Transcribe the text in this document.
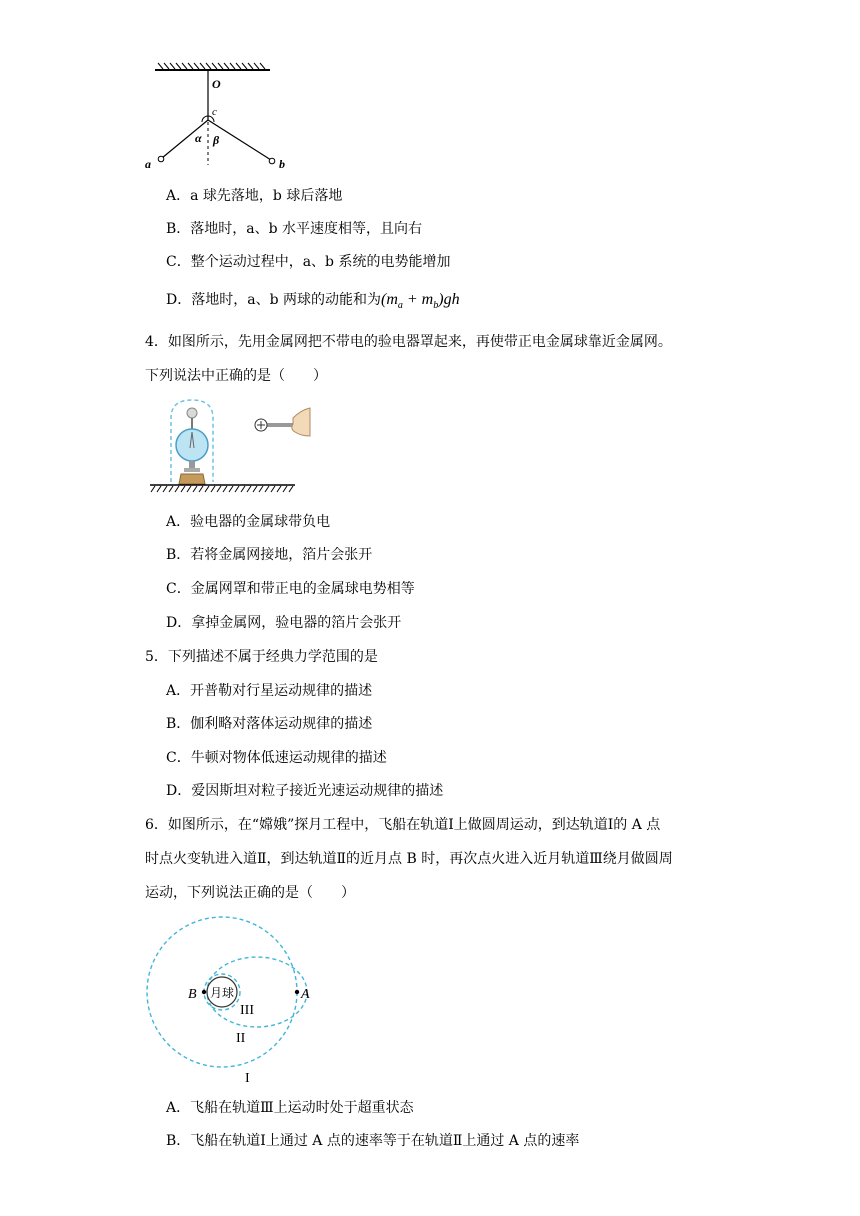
O
c
α β
a	b
A．a 球先落地，b 球后落地
B．落地时，a、b 水平速度相等，且向右
C．整个运动过程中，a、b 系统的电势能增加
D．落地时，a、b 两球的动能和为$(m_a + m_b)gh$
4．如图所示，先用金属网把不带电的验电器罩起来，再使带正电金属球靠近金属网。
下列说法中正确的是（　　）
A．验电器的金属球带负电
B．若将金属网接地，箔片会张开
C．金属网罩和带正电的金属球电势相等
D．拿掉金属网，验电器的箔片会张开
5．下列描述不属于经典力学范围的是
A．开普勒对行星运动规律的描述
B．伽利略对落体运动规律的描述
C．牛顿对物体低速运动规律的描述
D．爱因斯坦对粒子接近光速运动规律的描述
6．如图所示，在“嫦娥”探月工程中，飞船在轨道Ⅰ上做圆周运动，到达轨道Ⅰ的 A 点
时点火变轨进入道Ⅱ，到达轨道Ⅱ的近月点 B 时，再次点火进入近月轨道Ⅲ绕月做圆周
运动，下列说法正确的是（　　）
月球
B	A
III
II
I
A．飞船在轨道Ⅲ上运动时处于超重状态
B．飞船在轨道Ⅰ上通过 A 点的速率等于在轨道Ⅱ上通过 A 点的速率
